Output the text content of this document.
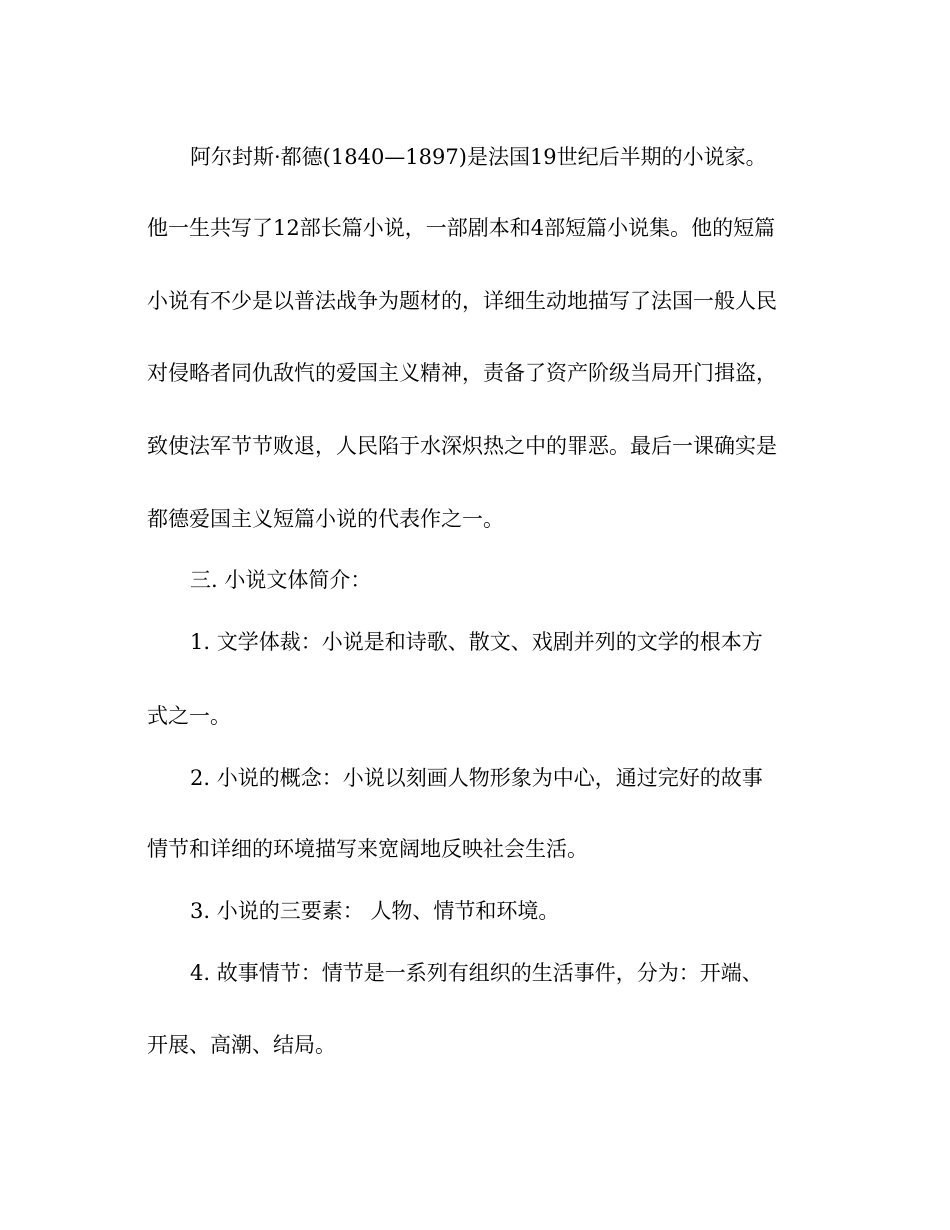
阿尔封斯·都德(1840—1897)是法国19世纪后半期的小说家。
他一生共写了12部长篇小说，一部剧本和4部短篇小说集。他的短篇
小说有不少是以普法战争为题材的，详细生动地描写了法国一般人民
对侵略者同仇敌忾的爱国主义精神，责备了资产阶级当局开门揖盗，
致使法军节节败退，人民陷于水深炽热之中的罪恶。最后一课确实是
都德爱国主义短篇小说的代表作之一。
三. 小说文体简介：
1. 文学体裁：小说是和诗歌、散文、戏剧并列的文学的根本方
式之一。
2. 小说的概念：小说以刻画人物形象为中心，通过完好的故事
情节和详细的环境描写来宽阔地反映社会生活。
3. 小说的三要素： 人物、情节和环境。
4. 故事情节：情节是一系列有组织的生活事件，分为：开端、
开展、高潮、结局。
